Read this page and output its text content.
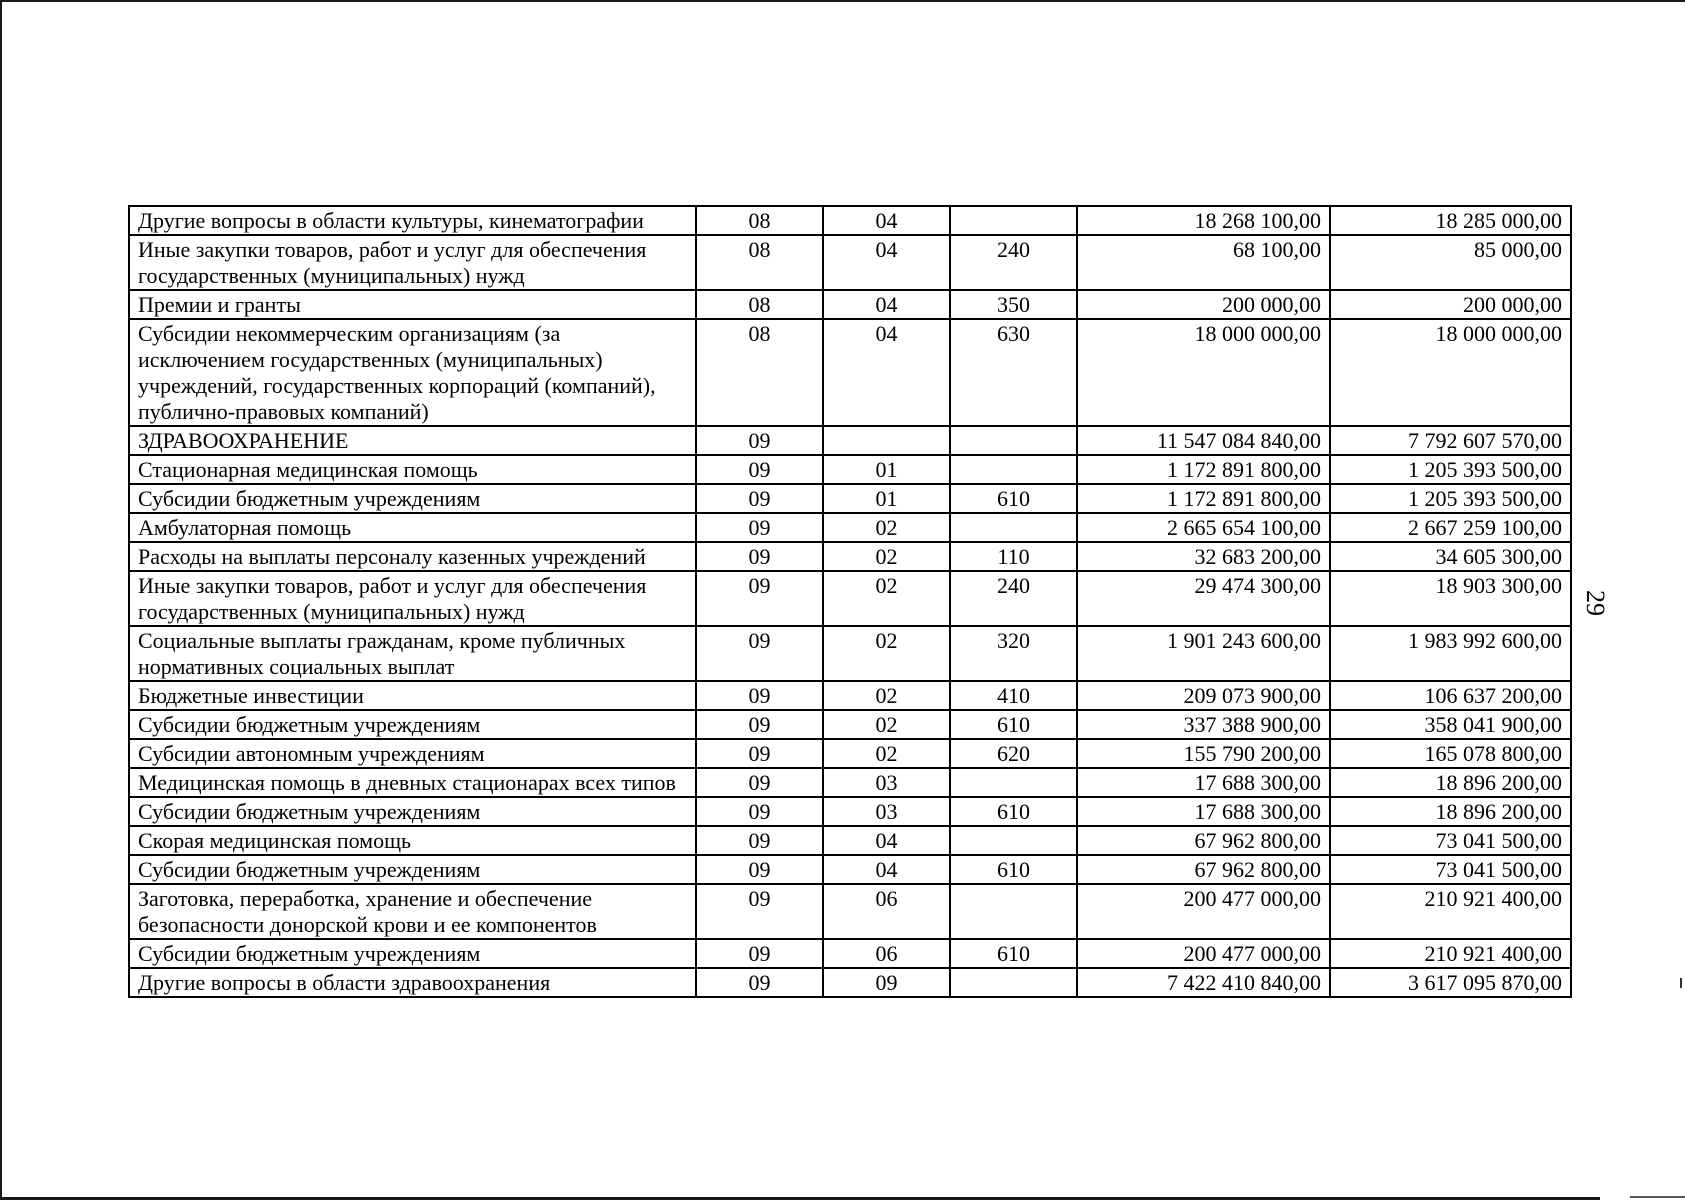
Другие вопросы в области культуры, кинематографии	08	04		18 268 100,00	18 285 000,00
Иные закупки товаров, работ и услуг для обеспечения государственных (муниципальных) нужд	08	04	240	68 100,00	85 000,00
Премии и гранты	08	04	350	200 000,00	200 000,00
Субсидии некоммерческим организациям (за исключением государственных (муниципальных) учреждений, государственных корпораций (компаний), публично-правовых компаний)	08	04	630	18 000 000,00	18 000 000,00
ЗДРАВООХРАНЕНИЕ	09			11 547 084 840,00	7 792 607 570,00
Стационарная медицинская помощь	09	01		1 172 891 800,00	1 205 393 500,00
Субсидии бюджетным учреждениям	09	01	610	1 172 891 800,00	1 205 393 500,00
Амбулаторная помощь	09	02		2 665 654 100,00	2 667 259 100,00
Расходы на выплаты персоналу казенных учреждений	09	02	110	32 683 200,00	34 605 300,00
Иные закупки товаров, работ и услуг для обеспечения государственных (муниципальных) нужд	09	02	240	29 474 300,00	18 903 300,00
Социальные выплаты гражданам, кроме публичных нормативных социальных выплат	09	02	320	1 901 243 600,00	1 983 992 600,00
Бюджетные инвестиции	09	02	410	209 073 900,00	106 637 200,00
Субсидии бюджетным учреждениям	09	02	610	337 388 900,00	358 041 900,00
Субсидии автономным учреждениям	09	02	620	155 790 200,00	165 078 800,00
Медицинская помощь в дневных стационарах всех типов	09	03		17 688 300,00	18 896 200,00
Субсидии бюджетным учреждениям	09	03	610	17 688 300,00	18 896 200,00
Скорая медицинская помощь	09	04		67 962 800,00	73 041 500,00
Субсидии бюджетным учреждениям	09	04	610	67 962 800,00	73 041 500,00
Заготовка, переработка, хранение и обеспечение безопасности донорской крови и ее компонентов	09	06		200 477 000,00	210 921 400,00
Субсидии бюджетным учреждениям	09	06	610	200 477 000,00	210 921 400,00
Другие вопросы в области здравоохранения	09	09		7 422 410 840,00	3 617 095 870,00
29
